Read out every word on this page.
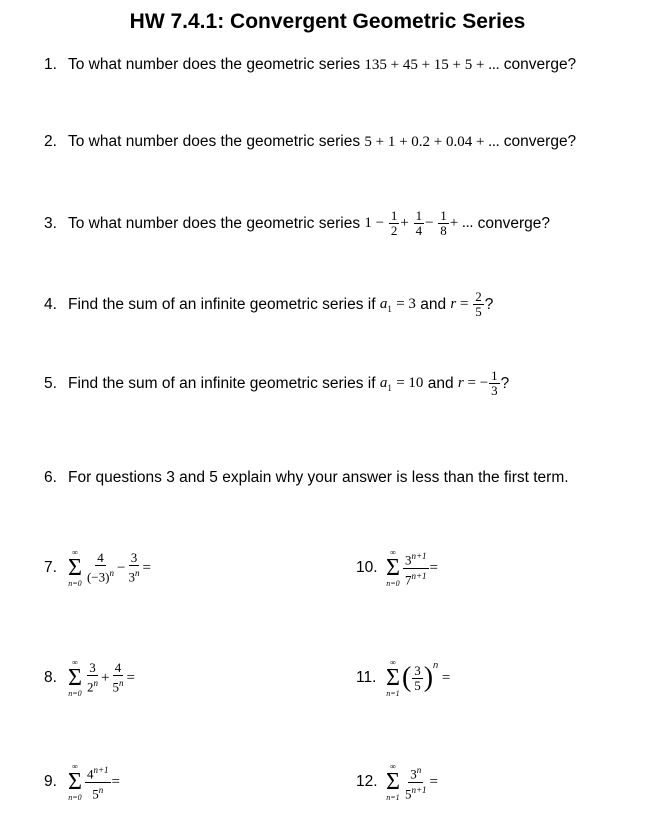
HW 7.4.1: Convergent Geometric Series
1. To what number does the geometric series
135 + 45 + 15 + 5 + ...
converge?
2. To what number does the geometric series
5 + 1 + 0.2 + 0.04 + ...
converge?
3. To what number does the geometric series
$1 - \frac{1}{2} + \frac{1}{4} - \frac{1}{8}$ + ...
converge?
4. Find the sum of an infinite geometric series if
$a_1$
= 3
and
$r = \frac{2}{5}$ ?
5. Find the sum of an infinite geometric series if
$a_1$
= 10
and
r = − $\frac{1}{3}$ ?
6. For questions 3 and 5 explain why your answer is less than the first term.
7.
∞
Σ
$n=0 \frac{4}{(-3)^n} - \frac{3}{3^n}$ =	10.
∞
Σ
$n=0 \frac{3^{n+1}}{7^{n+1}}$ =
8.
∞
Σ
$n=0 \frac{3}{2^n} + \frac{4}{5^n}$ =	11.
∞
Σ
n=1
( $\frac{3}{5} )^n$
=
9.
∞
Σ
$n=0 \frac{4^{n+1}}{5^n}$ =	12.
∞
Σ
$n=1 \frac{3^n}{5^{n+1}}$ =
